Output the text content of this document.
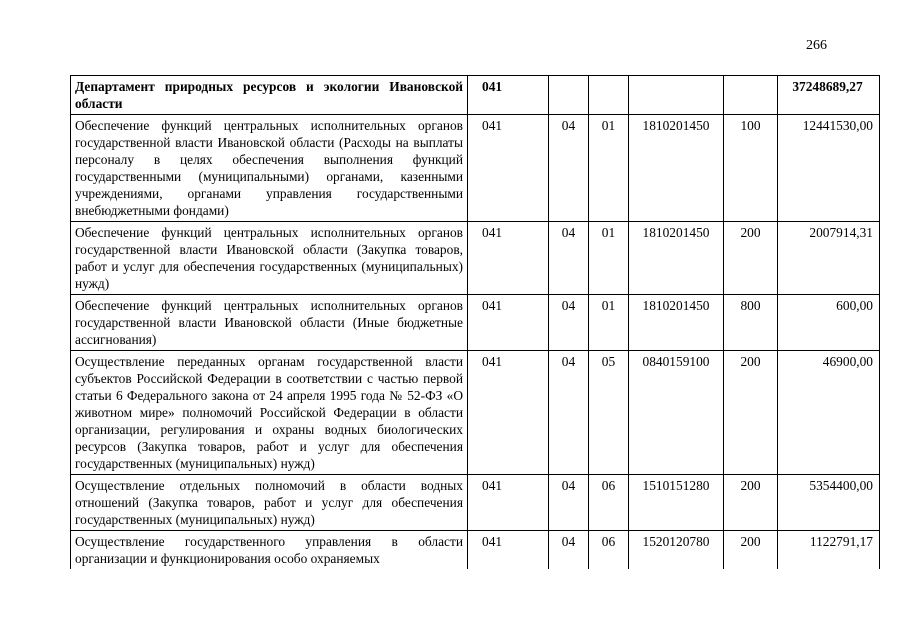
266
Департамент природных ресурсов и экологии Ивановской области	041					37248689,27
Обеспечение функций центральных исполнительных органов государственной власти Ивановской области (Расходы на выплаты персоналу в целях обеспечения выполнения функций государственными (муниципальными) органами, казенными учреждениями, органами управления государственными внебюджетными фондами)	041	04	01	1810201450	100	12441530,00
Обеспечение функций центральных исполнительных органов государственной власти Ивановской области (Закупка товаров, работ и услуг для обеспечения государственных (муниципальных) нужд)	041	04	01	1810201450	200	2007914,31
Обеспечение функций центральных исполнительных органов государственной власти Ивановской области (Иные бюджетные ассигнования)	041	04	01	1810201450	800	600,00
Осуществление переданных органам государственной власти субъектов Российской Федерации в соответствии с частью первой статьи 6 Федерального закона от 24 апреля 1995 года № 52-ФЗ «О животном мире» полномочий Российской Федерации в области организации, регулирования и охраны водных биологических ресурсов (Закупка товаров, работ и услуг для обеспечения государственных (муниципальных) нужд)	041	04	05	0840159100	200	46900,00
Осуществление отдельных полномочий в области водных отношений (Закупка товаров, работ и услуг для обеспечения государственных (муниципальных) нужд)	041	04	06	1510151280	200	5354400,00

Осуществление государственного управления в области организации и функционирования особо охраняемых	041	04	06	1520120780	200	1122791,17
